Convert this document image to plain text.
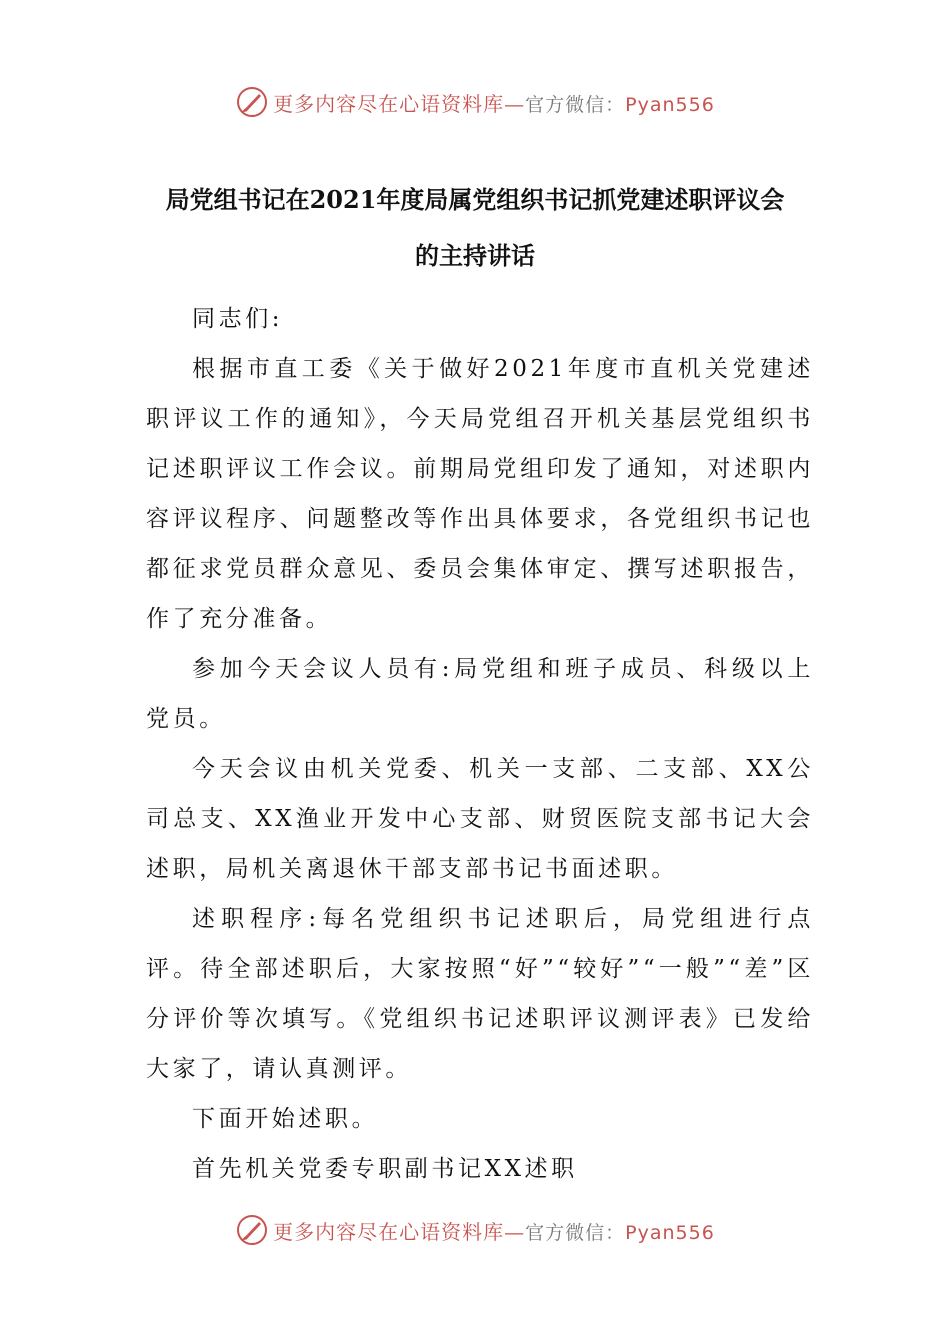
更多内容尽在心语资料库—官方微信：Pyan556
局党组书记在2021年度局属党组织书记抓党建述职评议会
的主持讲话

同志们:

根据市直工委《关于做好2021年度市直机关党建述职评议工作的通知》，今天局党组召开机关基层党组织书记述职评议工作会议。前期局党组印发了通知，对述职内容评议程序、问题整改等作出具体要求，各党组织书记也都征求党员群众意见、委员会集体审定、撰写述职报告，作了充分准备。

参加今天会议人员有:局党组和班子成员、科级以上党员。

今天会议由机关党委、机关一支部、二支部、XX公司总支、XX渔业开发中心支部、财贸医院支部书记大会述职，局机关离退休干部支部书记书面述职。

述职程序:每名党组织书记述职后，局党组进行点评。待全部述职后，大家按照“好”“较好”“一般”“差”区分评价等次填写。《党组织书记述职评议测评表》已发给大家了，请认真测评。

下面开始述职。

首先机关党委专职副书记XX述职

更多内容尽在心语资料库—官方微信：Pyan556
